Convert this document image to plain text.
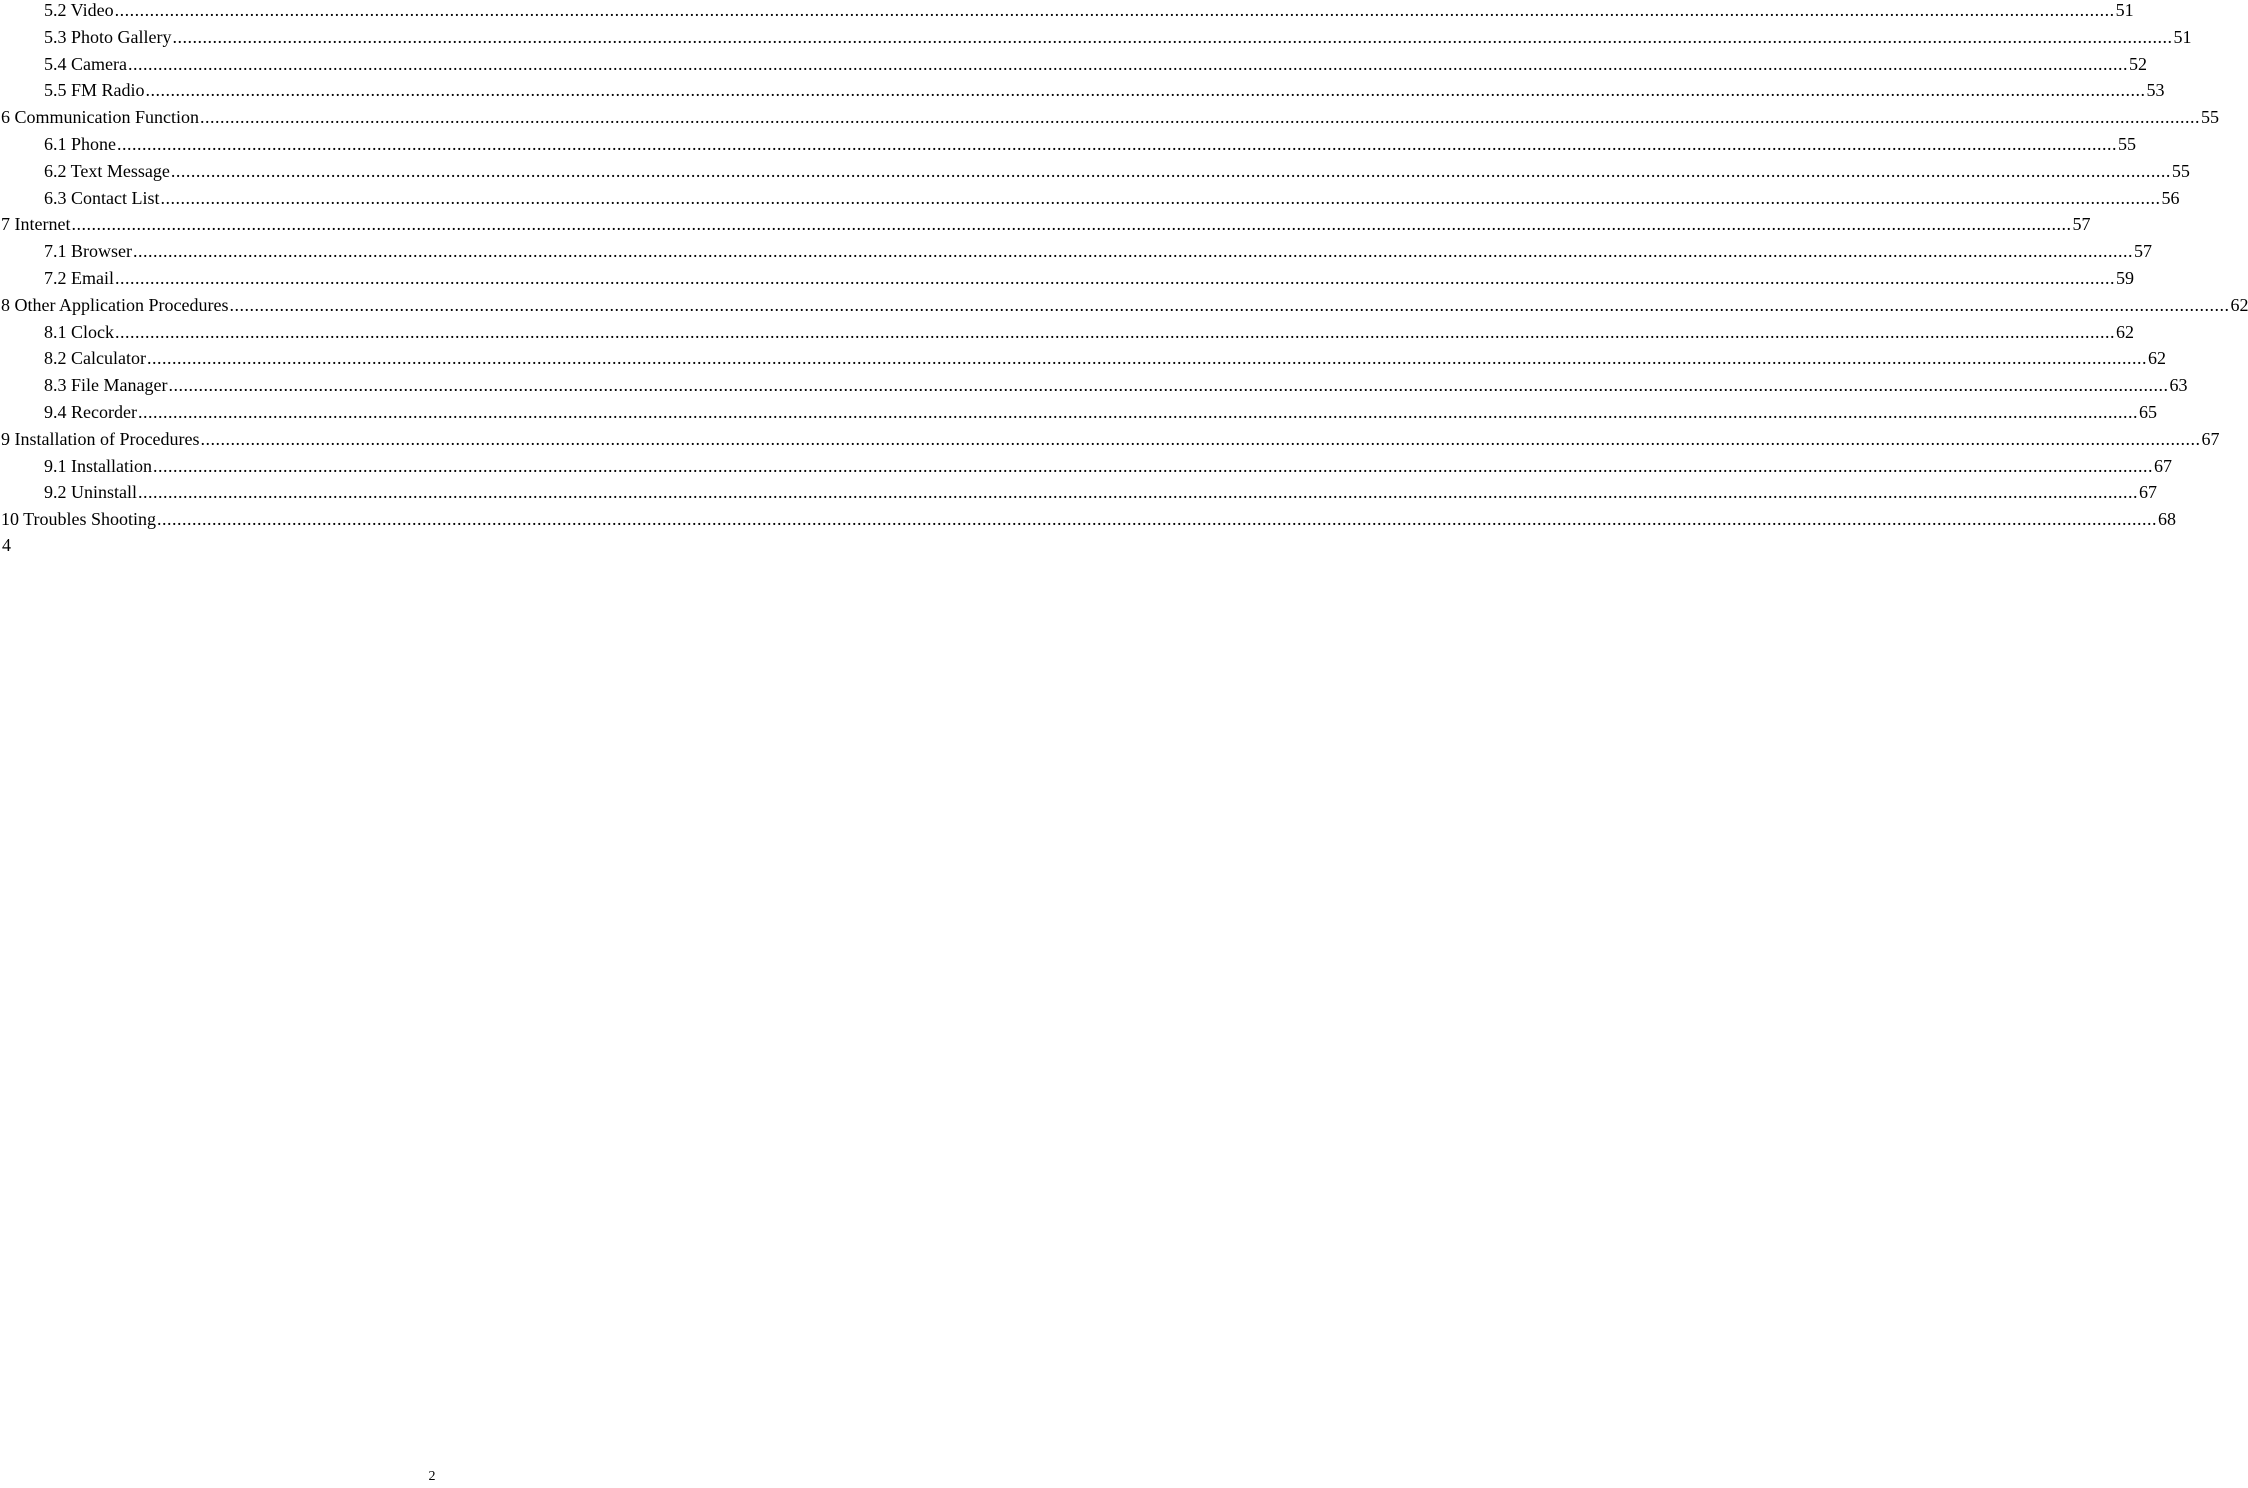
5.2 Video ................................................................................................................................................................................................................................................................................................................................................................................................................ 51
5.3 Photo Gallery ................................................................................................................................................................................................................................................................................................................................................................................................................ 51
5.4 Camera ................................................................................................................................................................................................................................................................................................................................................................................................................ 52
5.5 FM Radio ................................................................................................................................................................................................................................................................................................................................................................................................................ 53
6 Communication Function ................................................................................................................................................................................................................................................................................................................................................................................................................ 55
6.1 Phone ................................................................................................................................................................................................................................................................................................................................................................................................................ 55
6.2 Text Message ................................................................................................................................................................................................................................................................................................................................................................................................................ 55
6.3 Contact List ................................................................................................................................................................................................................................................................................................................................................................................................................ 56
7 Internet ................................................................................................................................................................................................................................................................................................................................................................................................................ 57
7.1 Browser ................................................................................................................................................................................................................................................................................................................................................................................................................ 57
7.2 Email ................................................................................................................................................................................................................................................................................................................................................................................................................ 59
8 Other Application Procedures ................................................................................................................................................................................................................................................................................................................................................................................................................ 62
8.1 Clock ................................................................................................................................................................................................................................................................................................................................................................................................................ 62
8.2 Calculator ................................................................................................................................................................................................................................................................................................................................................................................................................ 62
8.3 File Manager ................................................................................................................................................................................................................................................................................................................................................................................................................ 63
9.4 Recorder ................................................................................................................................................................................................................................................................................................................................................................................................................ 65
9 Installation of Procedures ................................................................................................................................................................................................................................................................................................................................................................................................................ 67
9.1 Installation ................................................................................................................................................................................................................................................................................................................................................................................................................ 67
9.2 Uninstall ................................................................................................................................................................................................................................................................................................................................................................................................................ 67
10 Troubles Shooting ................................................................................................................................................................................................................................................................................................................................................................................................................ 68
4
2
